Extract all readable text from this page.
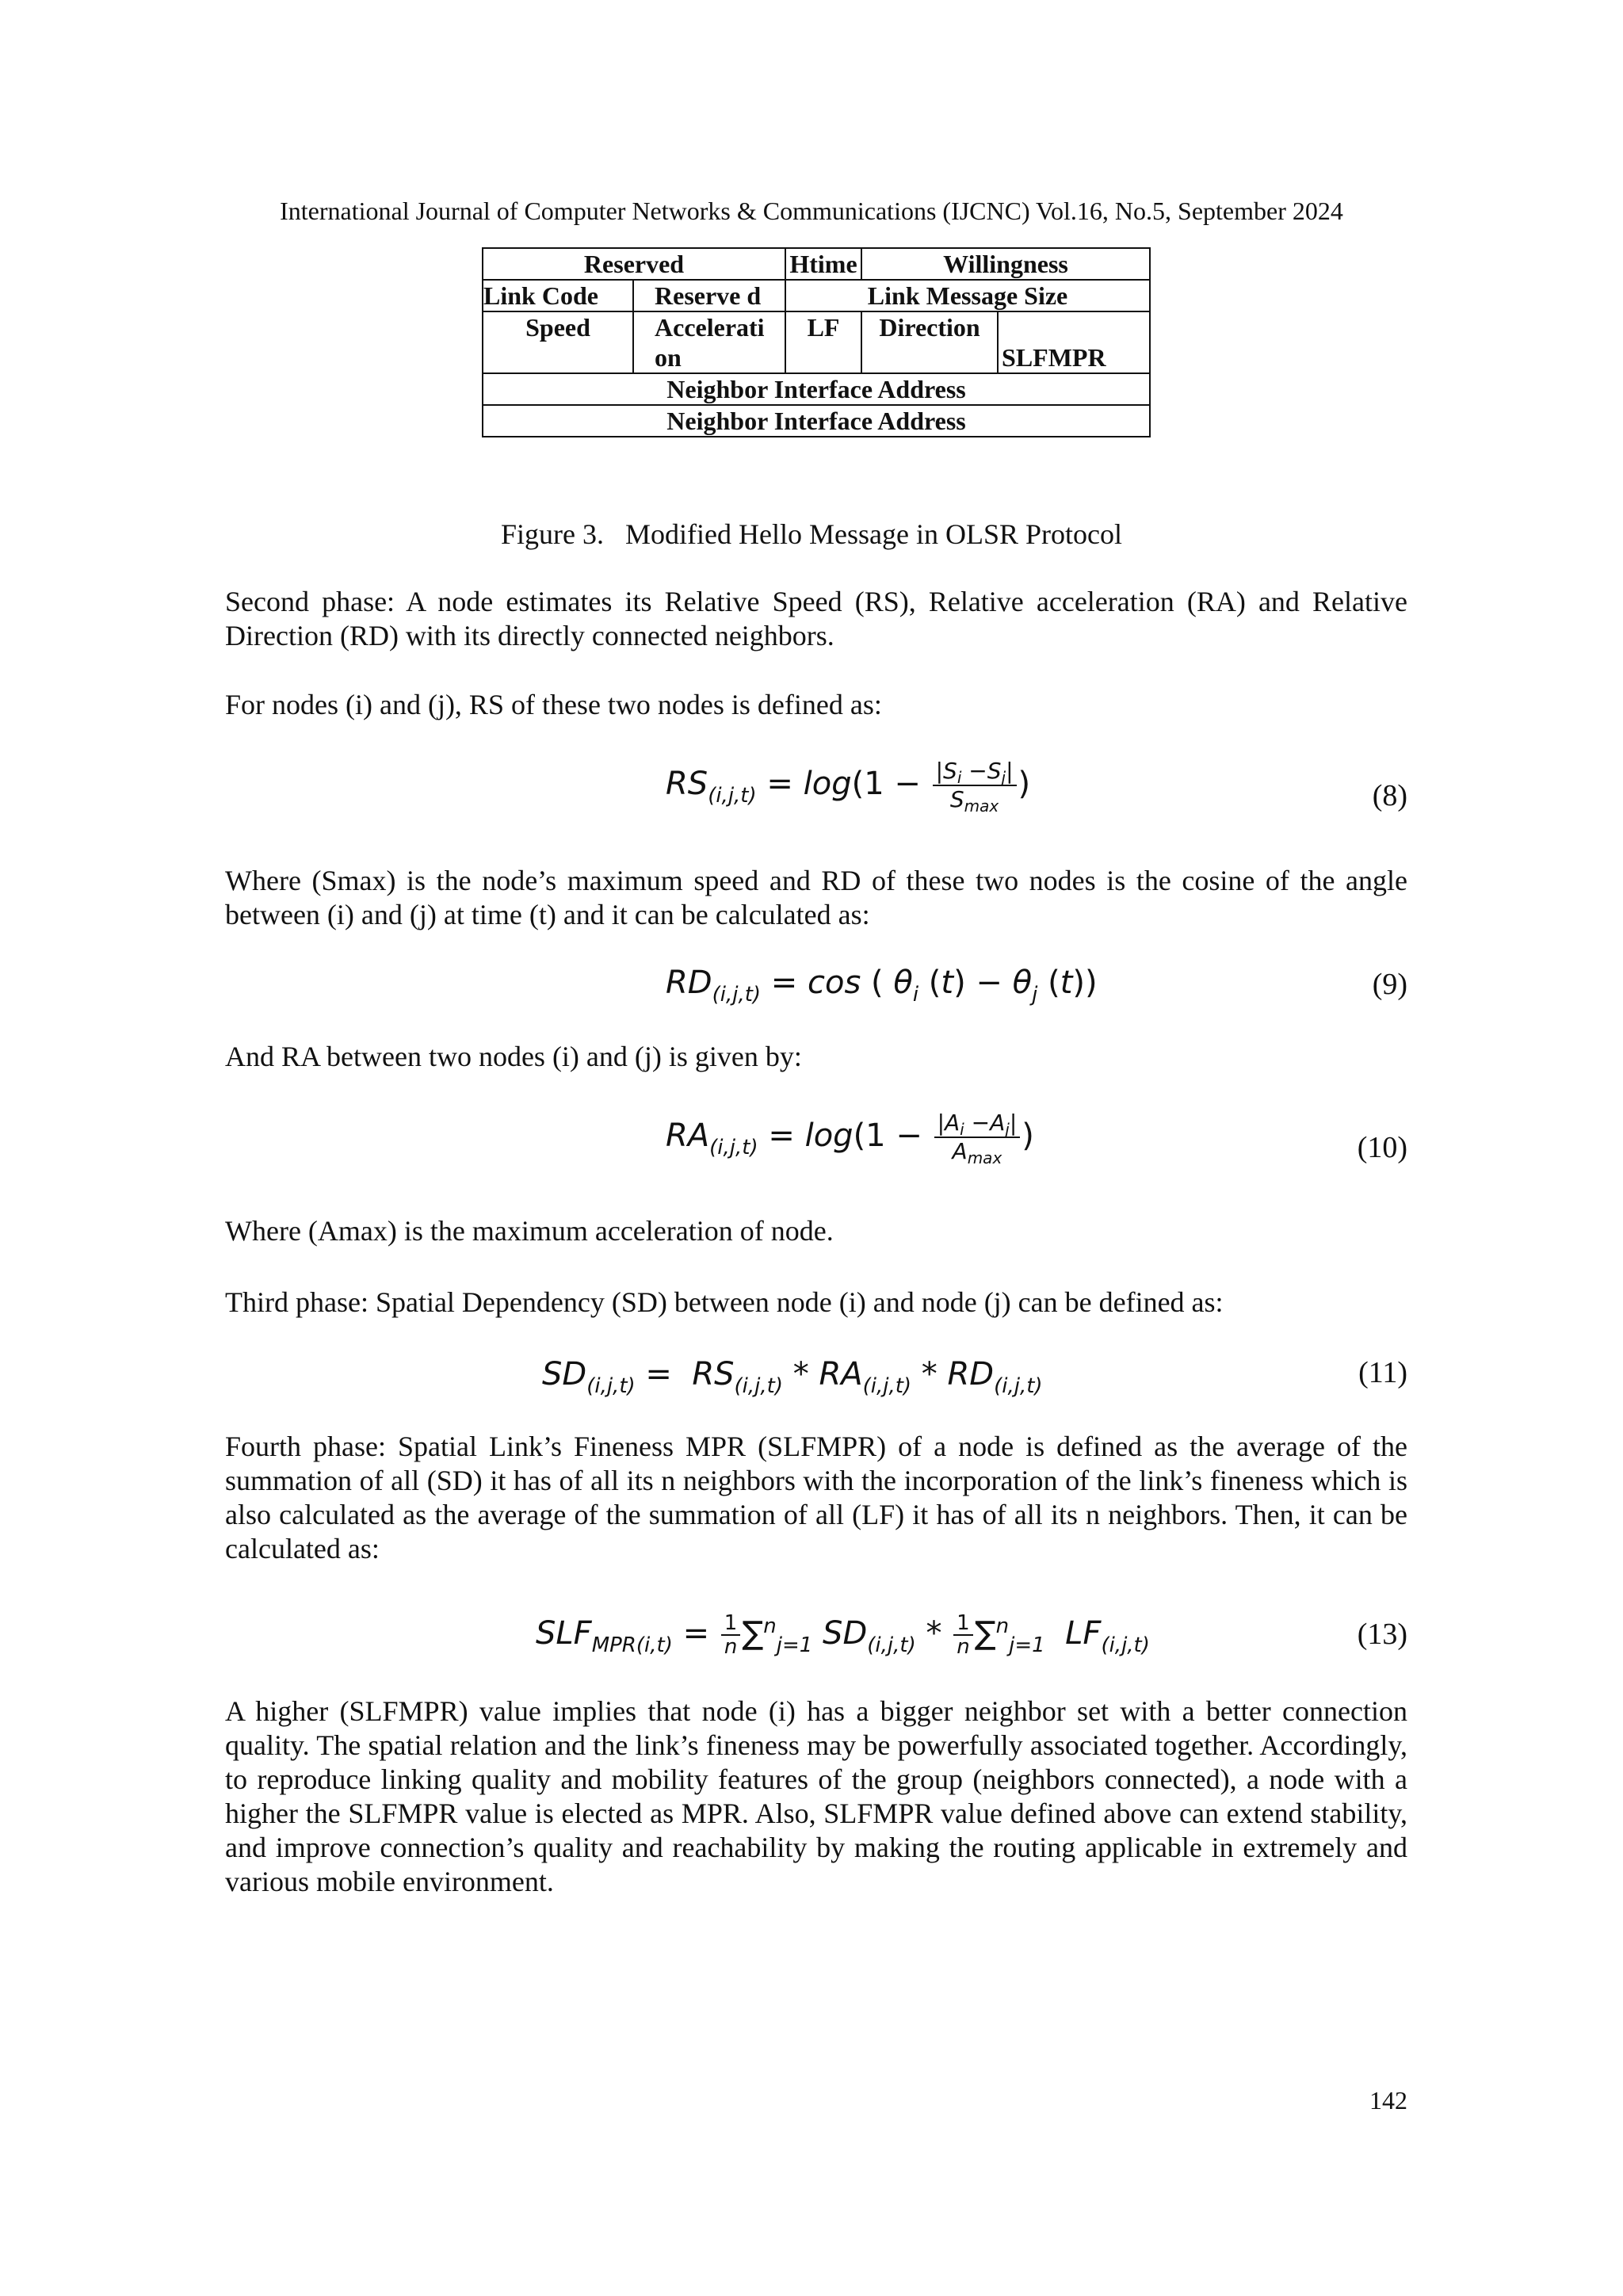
International Journal of Computer Networks & Communications (IJCNC) Vol.16, No.5, September 2024
Reserved		Htime	Willingness	
Link Code	Reserve d	Link Message Size		
Speed	Accelerati on	LF	Direction	SLFMPR
Neighbor Interface Address				
Neighbor Interface Address				
Figure 3.   Modified Hello Message in OLSR Protocol
Second phase: A node estimates its Relative Speed (RS), Relative acceleration (RA) and Relative Direction (RD) with its directly connected neighbors.
For nodes (i) and (j), RS of these two nodes is defined as:
$RS_{(i,j,t)} = \log(1 - \frac{|S_i -S_j|}{S_{max}}$ )	(8)
Where (Smax) is the node’s maximum speed and RD of these two nodes is the cosine of the angle between (i) and (j) at time (t) and it can be calculated as:
$RD_{(i,j,t)} = \cos$ ( $\theta_i$ $(t) - \theta_j$ (t))	(9)
And RA between two nodes (i) and (j) is given by:
$RA_{(i,j,t)} = \log(1 - \frac{|A_i -A_j|}{A_{max}}$ )	(10)
Where (Amax) is the maximum acceleration of node.
Third phase: Spatial Dependency (SD) between node (i) and node (j) can be defined as:
$SD_{(i,j,t)} = RS_{(i,j,t)} * RA_{(i,j,t)} * RD_{(i,j,t)}$	(11)
Fourth phase: Spatial Link’s Fineness MPR (SLFMPR) of a node is defined as the average of the summation of all (SD) it has of all its n neighbors with the incorporation of the link’s fineness which is also calculated as the average of the summation of all (LF) it has of all its n neighbors. Then, it can be calculated as:
$SLF_{MPR(i,t)} = \frac{1}{n} \sum^n_{j=1}$ $SD_{(i,j,t)} * \frac{1}{n} \sum^n_{j=1}$  $LF_{(i,j,t)}$	(13)
A higher (SLFMPR) value implies that node (i) has a bigger neighbor set with a better connection quality. The spatial relation and the link’s fineness may be powerfully associated together. Accordingly, to reproduce linking quality and mobility features of the group (neighbors connected), a node with a higher the SLFMPR value is elected as MPR. Also, SLFMPR value defined above can extend stability, and improve connection’s quality and reachability by making the routing applicable in extremely and various mobile environment.
142
